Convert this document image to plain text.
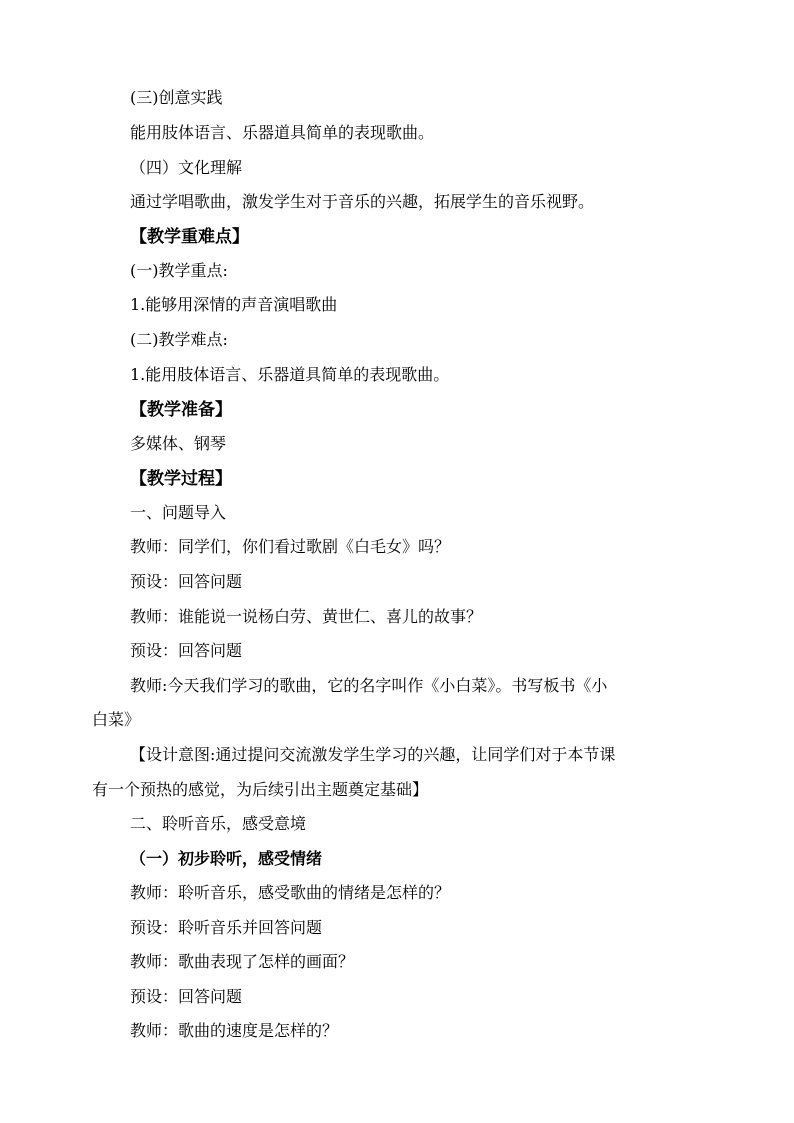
(三)创意实践
能用肢体语言、乐器道具简单的表现歌曲。
（四）文化理解
通过学唱歌曲，激发学生对于音乐的兴趣，拓展学生的音乐视野。
【教学重难点】
(一)教学重点:
1.能够用深情的声音演唱歌曲
(二)教学难点:
1.能用肢体语言、乐器道具简单的表现歌曲。
【教学准备】
多媒体、钢琴
【教学过程】
一、问题导入
教师：同学们，你们看过歌剧《白毛女》吗？
预设：回答问题
教师：谁能说一说杨白劳、黄世仁、喜儿的故事？
预设：回答问题
教师:今天我们学习的歌曲，它的名字叫作《小白菜》。书写板书《小
白菜》
【设计意图:通过提问交流激发学生学习的兴趣，让同学们对于本节课
有一个预热的感觉，为后续引出主题奠定基础】
二、聆听音乐，感受意境
（一）初步聆听，感受情绪
教师：聆听音乐，感受歌曲的情绪是怎样的？
预设：聆听音乐并回答问题
教师：歌曲表现了怎样的画面？
预设：回答问题
教师：歌曲的速度是怎样的？
